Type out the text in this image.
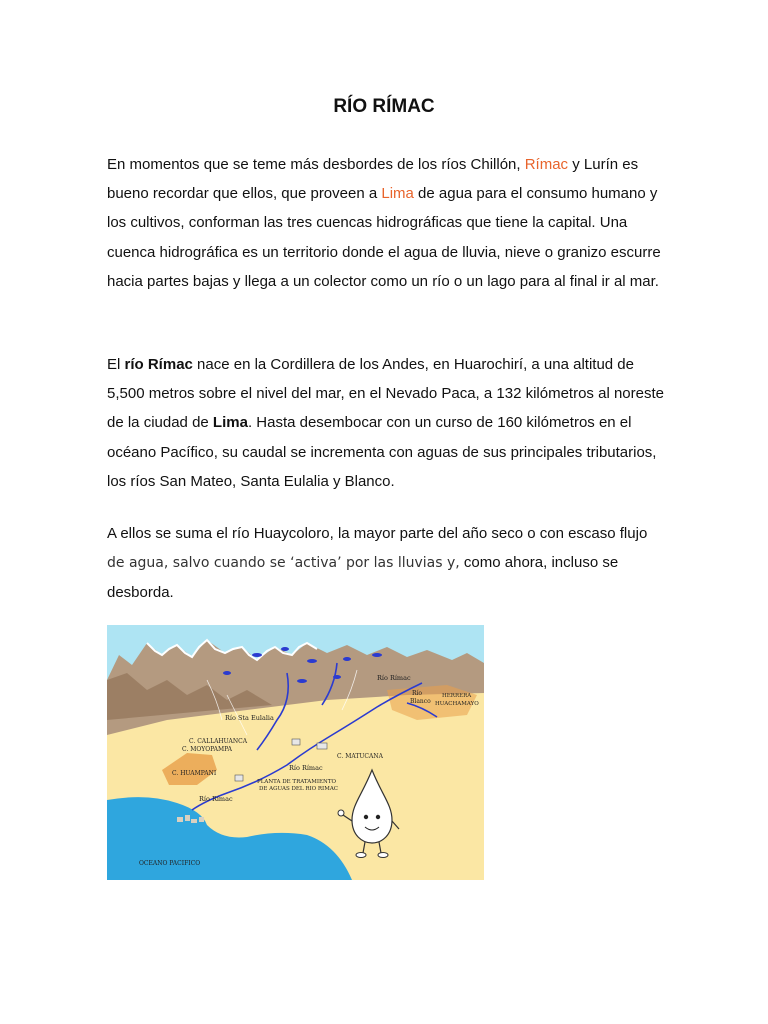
RÍO RÍMAC
En momentos que se teme más desbordes de los ríos Chillón, Rímac y Lurín es bueno recordar que ellos, que proveen a Lima de agua para el consumo humano y los cultivos, conforman las tres cuencas hidrográficas que tiene la capital. Una cuenca hidrográfica es un territorio donde el agua de lluvia, nieve o granizo escurre hacia partes bajas y llega a un colector como un río o un lago para al final ir al mar.
El río Rímac nace en la Cordillera de los Andes, en Huarochirí, a una altitud de 5,500 metros sobre el nivel del mar, en el Nevado Paca, a 132 kilómetros al noreste de la ciudad de Lima. Hasta desembocar con un curso de 160 kilómetros en el océano Pacífico, su caudal se incrementa con aguas de sus principales tributarios, los ríos San Mateo, Santa Eulalia y Blanco.
A ellos se suma el río Huaycoloro, la mayor parte del año seco o con escaso flujo de agua, salvo cuando se ‘activa’ por las lluvias y, como ahora, incluso se desborda.
Río Rímac
Río
Blanco
HERRERA
HUACHAMAYO
Río Sta Eulalia
C. CALLAHUANCA
C. MOYOPAMPA
C. MATUCANA
Río Rímac
C. HUAMPANI
PLANTA DE TRATAMIENTO
DE AGUAS DEL RIO RIMAC
Río Rímac
OCEANO PACIFICO
